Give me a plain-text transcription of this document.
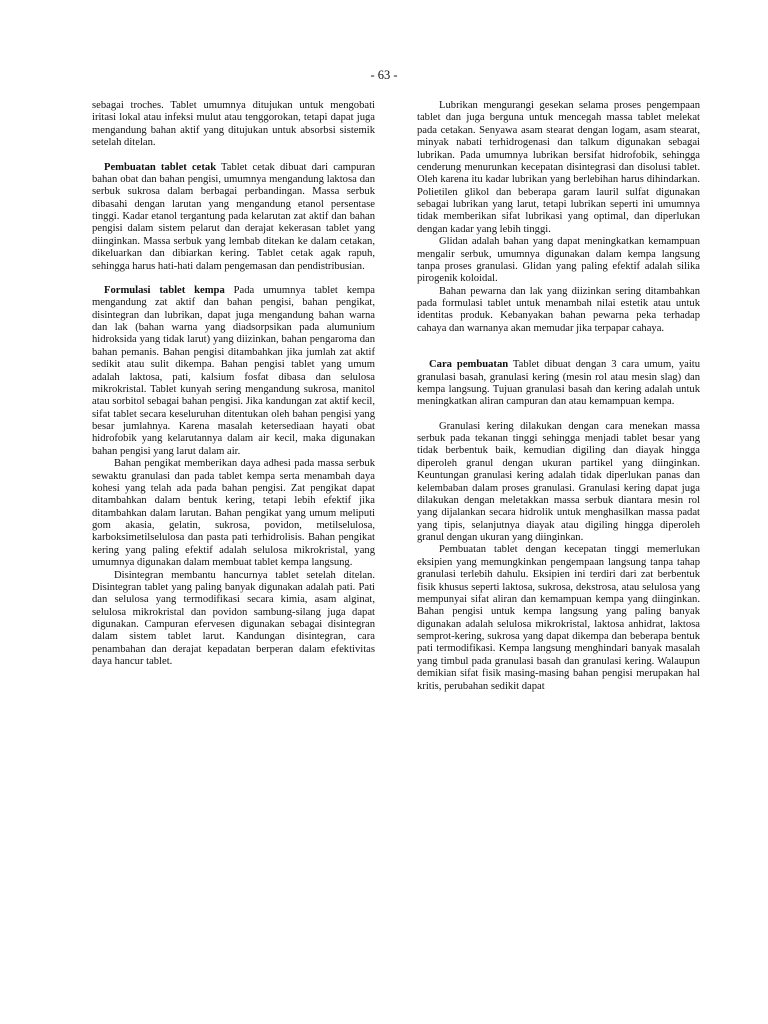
- 63 -

sebagai troches. Tablet umumnya ditujukan untuk mengobati iritasi lokal atau infeksi mulut atau tenggorokan, tetapi dapat juga mengandung bahan aktif yang ditujukan untuk absorbsi sistemik setelah ditelan.

Pembuatan tablet cetak Tablet cetak dibuat dari campuran bahan obat dan bahan pengisi, umumnya mengandung laktosa dan serbuk sukrosa dalam berbagai perbandingan. Massa serbuk dibasahi dengan larutan yang mengandung etanol persentase tinggi. Kadar etanol tergantung pada kelarutan zat aktif dan bahan pengisi dalam sistem pelarut dan derajat kekerasan tablet yang diinginkan. Massa serbuk yang lembab ditekan ke dalam cetakan, dikeluarkan dan dibiarkan kering. Tablet cetak agak rapuh, sehingga harus hati-hati dalam pengemasan dan pendistribusian.

Formulasi tablet kempa Pada umumnya tablet kempa mengandung zat aktif dan bahan pengisi, bahan pengikat, disintegran dan lubrikan, dapat juga mengandung bahan warna dan lak (bahan warna yang diadsorpsikan pada alumunium hidroksida yang tidak larut) yang diizinkan, bahan pengaroma dan bahan pemanis. Bahan pengisi ditambahkan jika jumlah zat aktif sedikit atau sulit dikempa. Bahan pengisi tablet yang umum adalah laktosa, pati, kalsium fosfat dibasa dan selulosa mikrokristal. Tablet kunyah sering mengandung sukrosa, manitol atau sorbitol sebagai bahan pengisi. Jika kandungan zat aktif kecil, sifat tablet secara keseluruhan ditentukan oleh bahan pengisi yang besar jumlahnya. Karena masalah ketersediaan hayati obat hidrofobik yang kelarutannya dalam air kecil, maka digunakan bahan pengisi yang larut dalam air.

Bahan pengikat memberikan daya adhesi pada massa serbuk sewaktu granulasi dan pada tablet kempa serta menambah daya kohesi yang telah ada pada bahan pengisi. Zat pengikat dapat ditambahkan dalam bentuk kering, tetapi lebih efektif jika ditambahkan dalam larutan. Bahan pengikat yang umum meliputi gom akasia, gelatin, sukrosa, povidon, metilselulosa, karboksimetilselulosa dan pasta pati terhidrolisis. Bahan pengikat kering yang paling efektif adalah selulosa mikrokristal, yang umumnya digunakan dalam membuat tablet kempa langsung.

Disintegran membantu hancurnya tablet setelah ditelan. Disintegran tablet yang paling banyak digunakan adalah pati. Pati dan selulosa yang termodifikasi secara kimia, asam alginat, selulosa mikrokristal dan povidon sambung-silang juga dapat digunakan. Campuran efervesen digunakan sebagai disintegran dalam sistem tablet larut. Kandungan disintegran, cara penambahan dan derajat kepadatan berperan dalam efektivitas daya hancur tablet.

Lubrikan mengurangi gesekan selama proses pengempaan tablet dan juga berguna untuk mencegah massa tablet melekat pada cetakan. Senyawa asam stearat dengan logam, asam stearat, minyak nabati terhidrogenasi dan talkum digunakan sebagai lubrikan. Pada umumnya lubrikan bersifat hidrofobik, sehingga cenderung menurunkan kecepatan disintegrasi dan disolusi tablet. Oleh karena itu kadar lubrikan yang berlebihan harus dihindarkan. Polietilen glikol dan beberapa garam lauril sulfat digunakan sebagai lubrikan yang larut, tetapi lubrikan seperti ini umumnya tidak memberikan sifat lubrikasi yang optimal, dan diperlukan dengan kadar yang lebih tinggi.

Glidan adalah bahan yang dapat meningkatkan kemampuan mengalir serbuk, umumnya digunakan dalam kempa langsung tanpa proses granulasi. Glidan yang paling efektif adalah silika pirogenik koloidal.

Bahan pewarna dan lak yang diizinkan sering ditambahkan pada formulasi tablet untuk menambah nilai estetik atau untuk identitas produk. Kebanyakan bahan pewarna peka terhadap cahaya dan warnanya akan memudar jika terpapar cahaya.

Cara pembuatan Tablet dibuat dengan 3 cara umum, yaitu granulasi basah, granulasi kering (mesin rol atau mesin slag) dan kempa langsung. Tujuan granulasi basah dan kering adalah untuk meningkatkan aliran campuran dan atau kemampuan kempa.

Granulasi kering dilakukan dengan cara menekan massa serbuk pada tekanan tinggi sehingga menjadi tablet besar yang tidak berbentuk baik, kemudian digiling dan diayak hingga diperoleh granul dengan ukuran partikel yang diinginkan. Keuntungan granulasi kering adalah tidak diperlukan panas dan kelembaban dalam proses granulasi. Granulasi kering dapat juga dilakukan dengan meletakkan massa serbuk diantara mesin rol yang dijalankan secara hidrolik untuk menghasilkan massa padat yang tipis, selanjutnya diayak atau digiling hingga diperoleh granul dengan ukuran yang diinginkan.

Pembuatan tablet dengan kecepatan tinggi memerlukan eksipien yang memungkinkan pengempaan langsung tanpa tahap granulasi terlebih dahulu. Eksipien ini terdiri dari zat berbentuk fisik khusus seperti laktosa, sukrosa, dekstrosa, atau selulosa yang mempunyai sifat aliran dan kemampuan kempa yang diinginkan. Bahan pengisi untuk kempa langsung yang paling banyak digunakan adalah selulosa mikrokristal, laktosa anhidrat, laktosa semprot-kering, sukrosa yang dapat dikempa dan beberapa bentuk pati termodifikasi. Kempa langsung menghindari banyak masalah yang timbul pada granulasi basah dan granulasi kering. Walaupun demikian sifat fisik masing-masing bahan pengisi merupakan hal kritis, perubahan sedikit dapat
